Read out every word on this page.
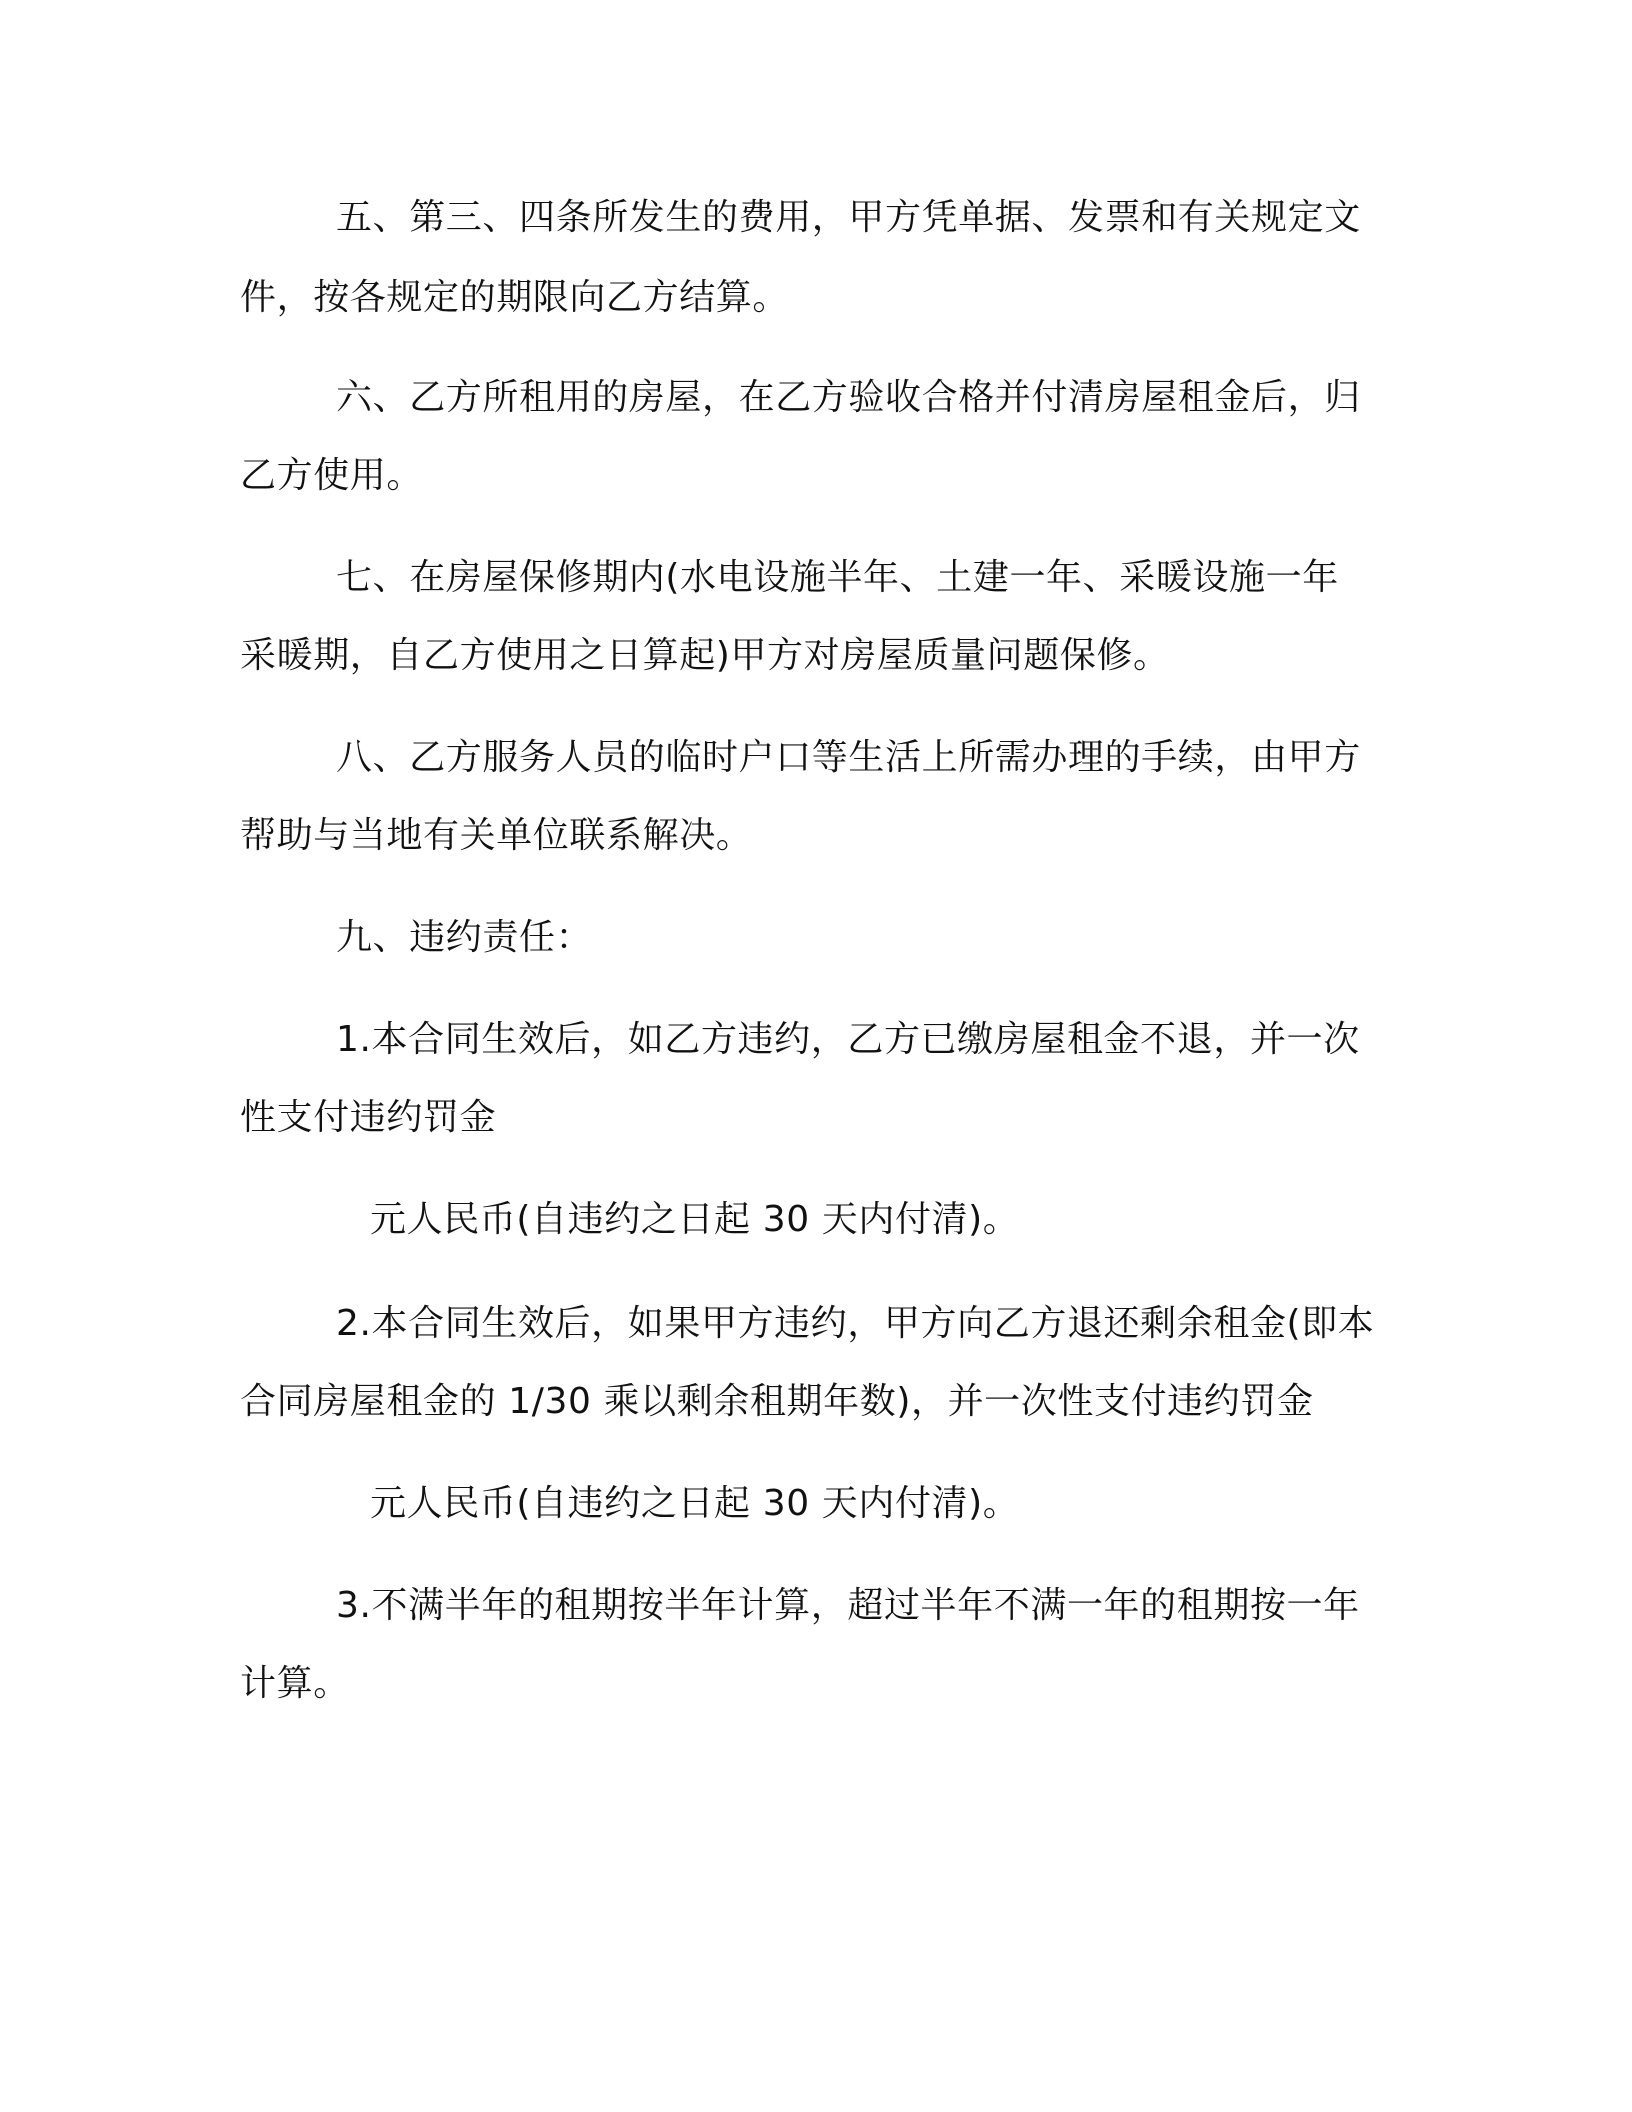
五、第三、四条所发生的费用，甲方凭单据、发票和有关规定文
件，按各规定的期限向乙方结算。
六、乙方所租用的房屋，在乙方验收合格并付清房屋租金后，归
乙方使用。
七、在房屋保修期内(水电设施半年、土建一年、采暖设施一年
采暖期，自乙方使用之日算起)甲方对房屋质量问题保修。
八、乙方服务人员的临时户口等生活上所需办理的手续，由甲方
帮助与当地有关单位联系解决。
九、违约责任：
1.本合同生效后，如乙方违约，乙方已缴房屋租金不退，并一次
性支付违约罚金
元人民币(自违约之日起 30 天内付清)。
2.本合同生效后，如果甲方违约，甲方向乙方退还剩余租金(即本
合同房屋租金的 1/30 乘以剩余租期年数)，并一次性支付违约罚金
元人民币(自违约之日起 30 天内付清)。
3.不满半年的租期按半年计算，超过半年不满一年的租期按一年
计算。
